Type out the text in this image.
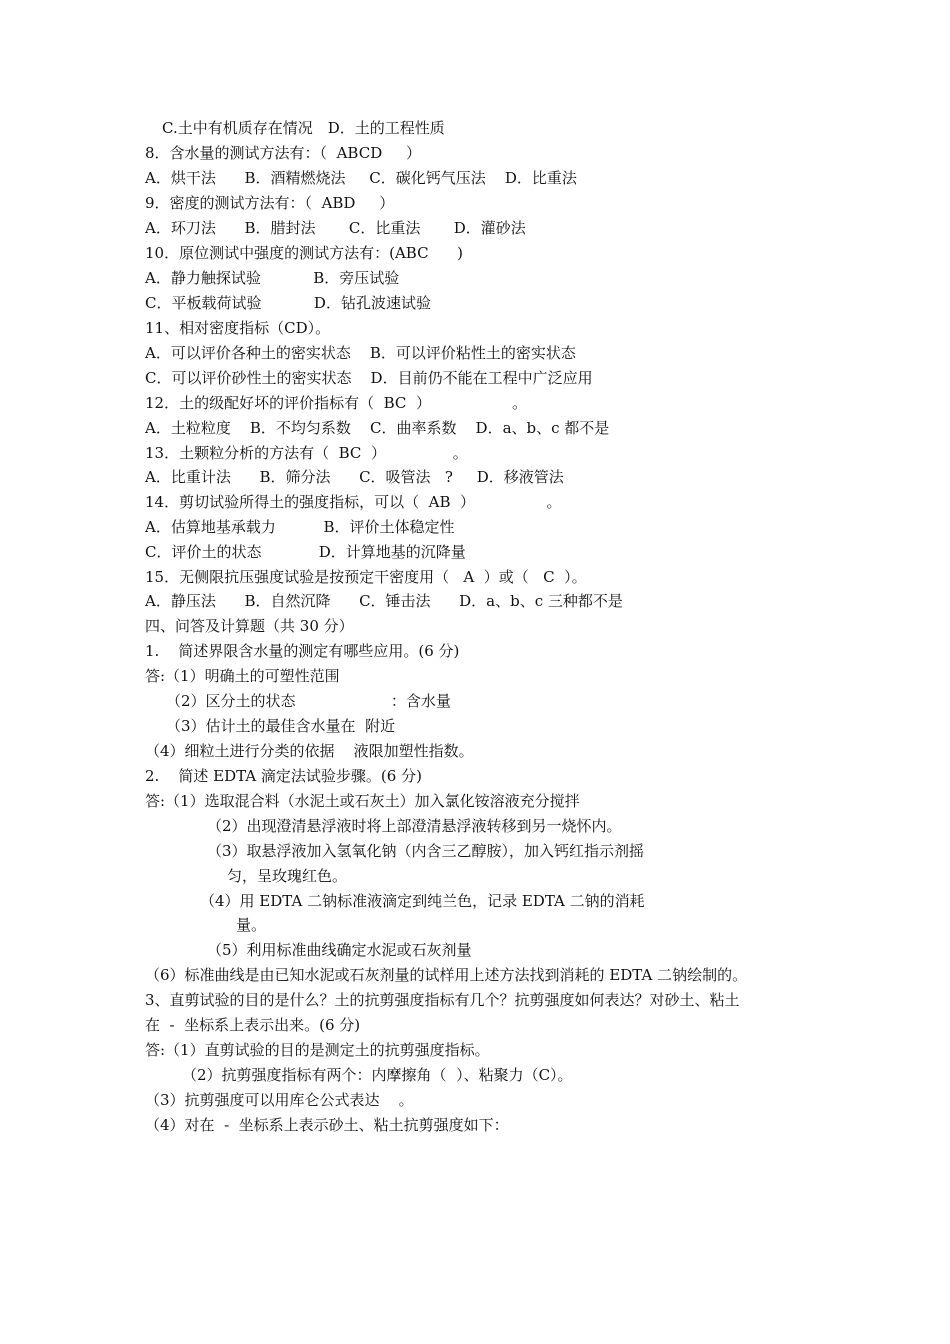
C.土中有机质存在情况　D．土的工程性质
8．含水量的测试方法有：（  ABCD     ）
A．烘干法      B．酒精燃烧法     C．碳化钙气压法    D．比重法
9．密度的测试方法有：（  ABD     ）
A．环刀法      B．腊封法       C．比重法       D．灌砂法
10．原位测试中强度的测试方法有：(ABC      )
A．静力触探试验           B．旁压试验
C．平板载荷试验           D．钻孔波速试验
11、相对密度指标（CD）。
A．可以评价各种土的密实状态    B．可以评价粘性土的密实状态
C．可以评价砂性土的密实状态    D．目前仍不能在工程中广泛应用
12．土的级配好坏的评价指标有（  BC  ）                 。
A．土粒粒度    B．不均匀系数    C．曲率系数    D．a、b、c 都不是
13．土颗粒分析的方法有（  BC  ）              。
A．比重计法      B．筛分法      C．吸管法   ?     D．移液管法
14．剪切试验所得土的强度指标，可以（  AB  ）               。
A．估算地基承载力          B．评价土体稳定性
C．评价土的状态            D．计算地基的沉降量
15．无侧限抗压强度试验是按预定干密度用（   A  ）或（   C  ）。
A．静压法      B．自然沉降      C．锤击法      D．a、b、c 三种都不是
四、问答及计算题（共 30 分）
1.    简述界限含水量的测定有哪些应用。(6 分)
答:（1）明确土的可塑性范围
（2）区分土的状态                    ：含水量
（3）估计土的最佳含水量在  附近
（4）细粒土进行分类的依据    液限加塑性指数。
2.    简述 EDTA 滴定法试验步骤。(6 分)
答:（1）选取混合料（水泥土或石灰土）加入氯化铵溶液充分搅拌
（2）出现澄清悬浮液时将上部澄清悬浮液转移到另一烧怀内。
（3）取悬浮液加入氢氧化钠（内含三乙醇胺），加入钙红指示剂摇
匀，呈玫瑰红色。
（4）用 EDTA 二钠标准液滴定到纯兰色，记录 EDTA 二钠的消耗
量。
（5）利用标准曲线确定水泥或石灰剂量
（6）标准曲线是由已知水泥或石灰剂量的试样用上述方法找到消耗的 EDTA 二钠绘制的。
3、直剪试验的目的是什么？土的抗剪强度指标有几个？抗剪强度如何表达？对砂土、粘土
在  -  坐标系上表示出来。(6 分)
答:（1）直剪试验的目的是测定土的抗剪强度指标。
（2）抗剪强度指标有两个：内摩擦角（  ）、粘聚力（C）。
（3）抗剪强度可以用库仑公式表达    。
（4）对在  -  坐标系上表示砂土、粘土抗剪强度如下：
